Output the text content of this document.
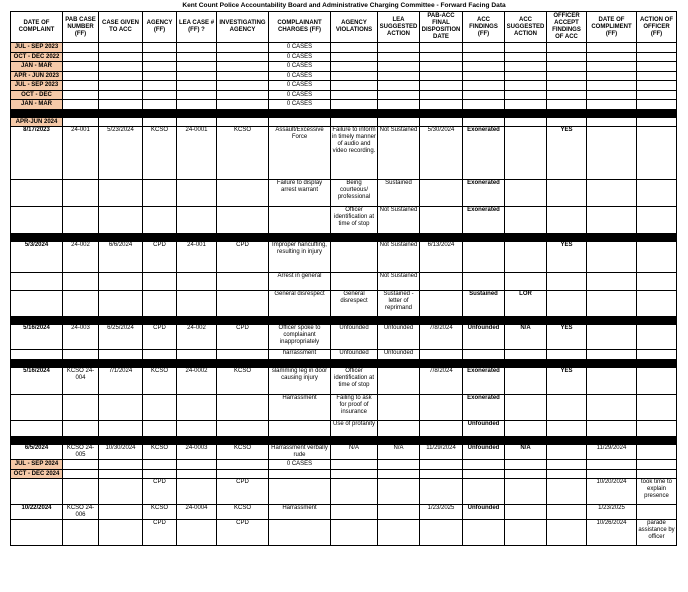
Kent Count Police Accountability Board and Administrative Charging Committee - Forward Facing Data
DATE OF COMPLAINT	PAB CASE NUMBER (FF)	CASE GIVEN TO ACC	AGENCY (FF)	LEA CASE # (FF) ?	INVESTIGATING AGENCY	COMPLAINANT CHARGES (FF)	AGENCY VIOLATIONS	LEA SUGGESTED ACTION	PAB-ACC FINAL DISPOSITION DATE	ACC FINDINGS (FF)	ACC SUGGESTED ACTION	OFFICER ACCEPT FINDINGS OF ACC	DATE OF COMPLIMENT (FF)	ACTION OF OFFICER (FF)
JUL - SEP 2023						0 CASES								
OCT - DEC 2022						0 CASES								
JAN - MAR						0 CASES								
APR - JUN 2023						0 CASES								
JUL - SEP 2023						0 CASES								
OCT - DEC						0 CASES								
JAN - MAR						0 CASES								

APR-JUN 2024														
8/17/2023	24-001	5/23/2024	KCSO	24-0001	KCSO	Assault/Excessive Force	Failure to inform in timely manner of audio and video recording.	Not Sustained	5/30/2024	Exonerated		YES		
						Failure to display arrest warrant	Being courteous/ professional	Sustained		Exonerated				
							Officer identification at time of stop	Not Sustained		Exonerated				

5/3/2024	24-002	6/6/2024	CPD	24-001	CPD	Improper hancuffing, resulting in injury		Not Sustained	6/13/2024			YES		
						Arrest in general		Not Sustained						
						General disrespect	General disrespect	Sustained - letter of reprimand		Sustained	LOR			

5/16/2024	24-003	6/25/2024	CPD	24-002	CPD	Officer spoke to complainant inappropriately	Unfounded	Unfounded	7/8/2024	Unfounded	N/A	YES		
						harrassment	Unfounded	Unfounded						

5/16/2024	KCSO 24-004	7/1/2024	KCSO	24-0002	KCSO	slamming leg in door causing injury	Officer identification at time of stop		7/8/2024	Exonerated		YES		
						Harrassment	Failing to ask for proof of insurance			Exonerated				
							Use of profanity			Unfounded				

6/5/2024	KCSO 24-005	10/30/2024	KCSO	24-0003	KCSO	Harrassment verbally rude	N/A	N/A	11/29/2024	Unfounded	N/A		11/29/2024	
JUL - SEP 2024						0 CASES								
OCT - DEC 2024														
			CPD		CPD								10/20/2024	took time to explain presence
10/22/2024	KCSO 24-006		KCSO	24-0004	KCSO	Harrassment			1/23/2025	Unfounded			1/23/2025	
			CPD		CPD								10/26/2024	parade assistance by officer
